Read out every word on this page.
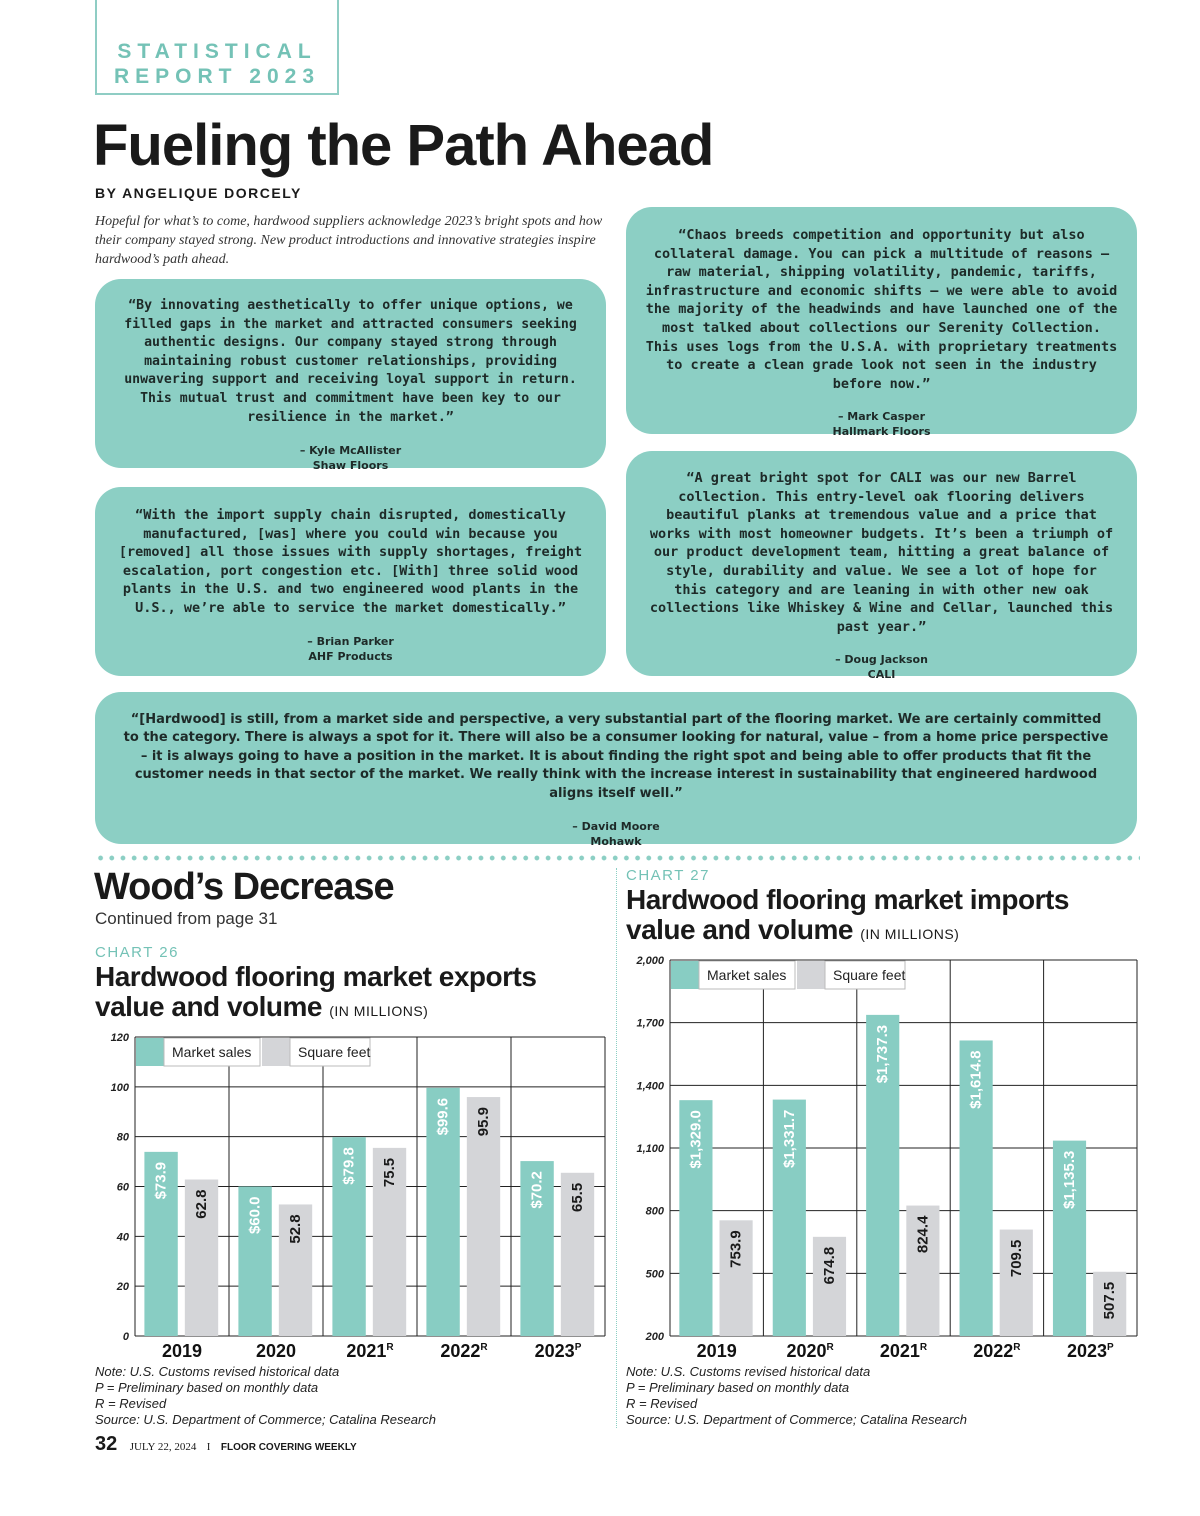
STATISTICAL
REPORT 2023
Fueling the Path Ahead
BY ANGELIQUE DORCELY
Hopeful for what’s to come, hardwood suppliers acknowledge 2023’s bright spots and how their company stayed strong. New product introductions and innovative strategies inspire hardwood’s path ahead.
“By innovating aesthetically to offer unique options, we filled gaps in the market and attracted consumers seeking authentic designs. Our company stayed strong through maintaining robust customer relationships, providing unwavering support and receiving loyal support in return. This mutual trust and commitment have been key to our resilience in the market.”
– Kyle McAllister
Shaw Floors
“Chaos breeds competition and opportunity but also collateral damage. You can pick a multitude of reasons – raw material, shipping volatility, pandemic, tariffs, infrastructure and economic shifts – we were able to avoid the majority of the headwinds and have launched one of the most talked about collections our Serenity Collection. This uses logs from the U.S.A. with proprietary treatments to create a clean grade look not seen in the industry before now.”
– Mark Casper
Hallmark Floors
“With the import supply chain disrupted, domestically manufactured, [was] where you could win because you [removed] all those issues with supply shortages, freight escalation, port congestion etc. [With] three solid wood plants in the U.S. and two engineered wood plants in the U.S., we’re able to service the market domestically.”
– Brian Parker
AHF Products
“A great bright spot for CALI was our new Barrel collection. This entry-level oak flooring delivers beautiful planks at tremendous value and a price that works with most homeowner budgets. It’s been a triumph of our product development team, hitting a great balance of style, durability and value. We see a lot of hope for this category and are leaning in with other new oak collections like Whiskey & Wine and Cellar, launched this past year.”
– Doug Jackson
CALI
“[Hardwood] is still, from a market side and perspective, a very substantial part of the flooring market. We are certainly committed to the category. There is always a spot for it. There will also be a consumer looking for natural, value – from a home price perspective – it is always going to have a position in the market. It is about finding the right spot and being able to offer products that fit the customer needs in that sector of the market. We really think with the increase interest in sustainability that engineered hardwood aligns itself well.”
– David Moore
Mohawk
Wood’s Decrease
Continued from page 31
CHART 26
Hardwood flooring market exports
value and volume (IN MILLIONS)
0
20
40
60
80
100
120
$73.9
62.8
2019
$60.0 52.8
2020
$79.8 75.5
$2021^R$
$99.6 95.9
$2022^R$
$70.2 65.5
$2023^P$
Market sales	Square feet
Note: U.S. Customs revised historical data
P = Preliminary based on monthly data
R = Revised
Source: U.S. Department of Commerce; Catalina Research
CHART 27
Hardwood flooring market imports
value and volume (IN MILLIONS)
200
500
800
1,100
1,400
1,700
2,000
$1,329.0
753.9
2019
$1,331.7
674.8
$2020^R$
$1,737.3
824.4
$2021^R$
$1,614.8
709.5
$2022^R$
$1,135.3
507.5
$2023^P$
Market sales	Square feet
Note: U.S. Customs revised historical data
P = Preliminary based on monthly data
R = Revised
Source: U.S. Department of Commerce; Catalina Research
32 JULY 22, 2024 I FLOOR COVERING WEEKLY
